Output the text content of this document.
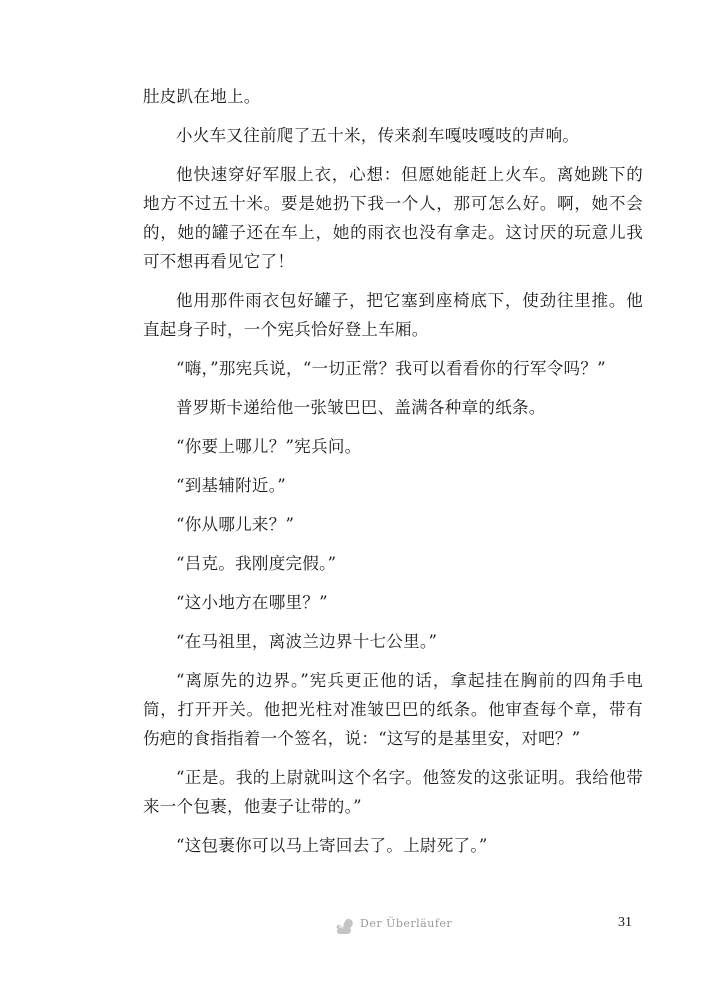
肚皮趴在地上。

小火车又往前爬了五十米，传来刹车嘎吱嘎吱的声响。

他快速穿好军服上衣，心想：但愿她能赶上火车。离她跳下的地方不过五十米。要是她扔下我一个人，那可怎么好。啊，她不会的，她的罐子还在车上，她的雨衣也没有拿走。这讨厌的玩意儿我可不想再看见它了！

他用那件雨衣包好罐子，把它塞到座椅底下，使劲往里推。他直起身子时，一个宪兵恰好登上车厢。

“嗨，”那宪兵说，“一切正常？我可以看看你的行军令吗？”

普罗斯卡递给他一张皱巴巴、盖满各种章的纸条。

“你要上哪儿？”宪兵问。

“到基辅附近。”

“你从哪儿来？”

“吕克。我刚度完假。”

“这小地方在哪里？”

“在马祖里，离波兰边界十七公里。”

“离原先的边界。”宪兵更正他的话，拿起挂在胸前的四角手电筒，打开开关。他把光柱对准皱巴巴的纸条。他审查每个章，带有伤疤的食指指着一个签名，说：“这写的是基里安，对吧？”

“正是。我的上尉就叫这个名字。他签发的这张证明。我给他带来一个包裹，他妻子让带的。”

“这包裹你可以马上寄回去了。上尉死了。”

Der Überläufer	31
